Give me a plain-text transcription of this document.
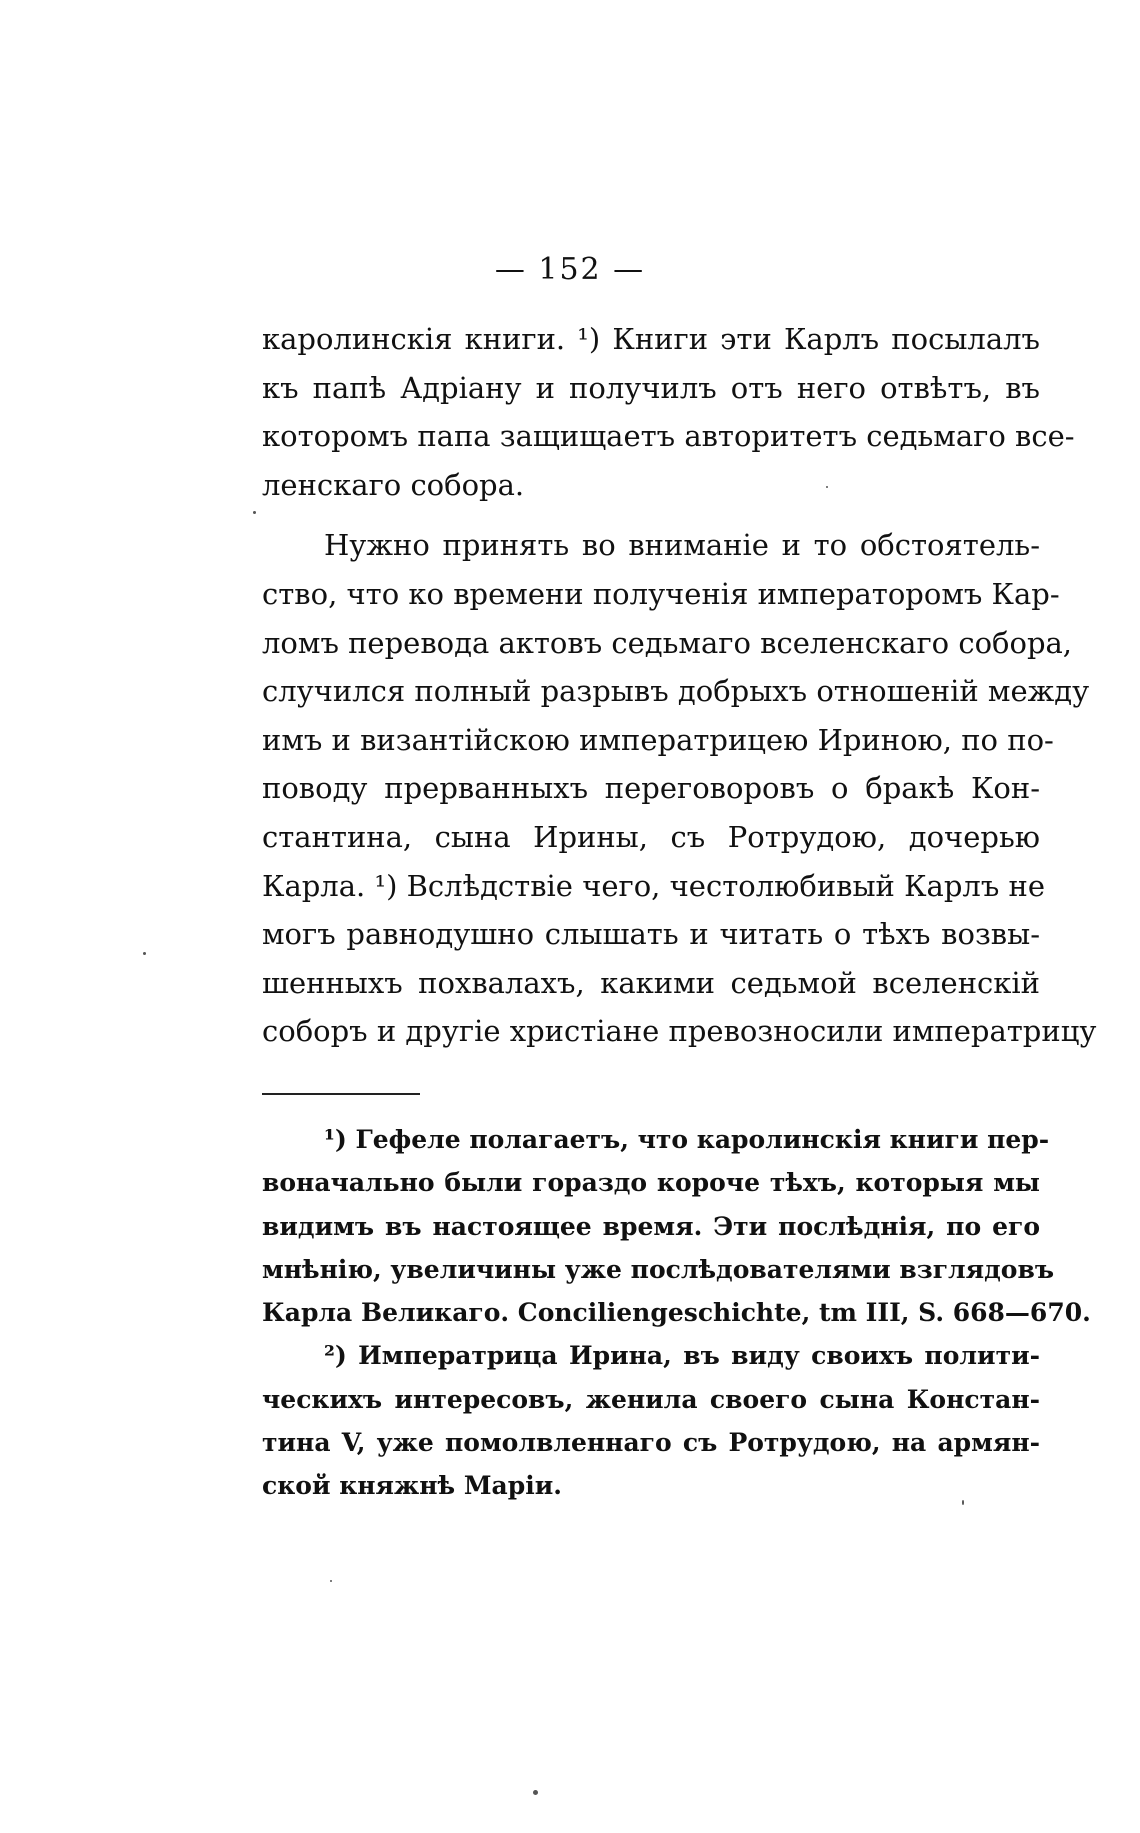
— 152 —
каролинскія книги. ¹) Книги эти Карлъ посылалъ
къ папѣ Адріану и получилъ отъ него отвѣтъ, въ
которомъ папа защищаетъ авторитетъ седьмаго все-
ленскаго собора.
Нужно принять во вниманіе и то обстоятель-
ство, что ко времени полученія императоромъ Кар-
ломъ перевода актовъ седьмаго вселенскаго собора,
случился полный разрывъ добрыхъ отношеній между
имъ и византійскою императрицею Ириною, по по-
поводу прерванныхъ переговоровъ о бракѣ Кон-
стантина, сына Ирины, съ Ротрудою, дочерью
Карла. ¹) Вслѣдствіе чего, честолюбивый Карлъ не
могъ равнодушно слышать и читать о тѣхъ возвы-
шенныхъ похвалахъ, какими седьмой вселенскій
соборъ и другіе христіане превозносили императрицу
¹) Гефеле полагаетъ, что каролинскія книги пер-
воначально были гораздо короче тѣхъ, которыя мы
видимъ въ настоящее время. Эти послѣднія, по его
мнѣнію, увеличины уже послѣдователями взглядовъ
Карла Великаго. Conciliengeschichte, tm III, S. 668—670.
²) Императрица Ирина, въ виду своихъ полити-
ческихъ интересовъ, женила своего сына Констан-
тина V, уже помолвленнаго съ Ротрудою, на армян-
ской княжнѣ Маріи.
